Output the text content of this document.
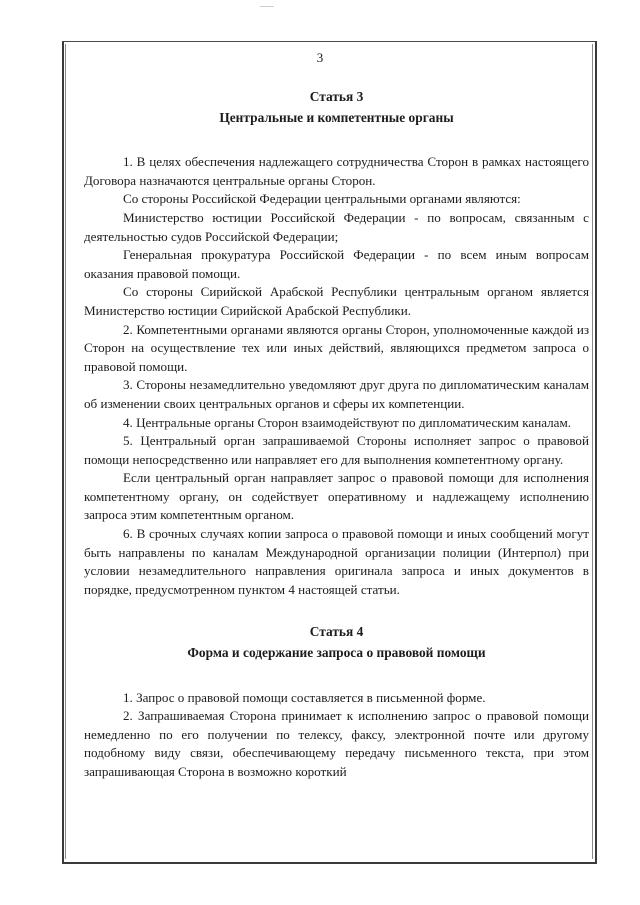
3

Статья 3

Центральные и компетентные органы

1. В целях обеспечения надлежащего сотрудничества Сторон в рамках настоящего Договора назначаются центральные органы Сторон.

Со стороны Российской Федерации центральными органами являются:

Министерство юстиции Российской Федерации - по вопросам, связанным с деятельностью судов Российской Федерации;

Генеральная прокуратура Российской Федерации - по всем иным вопросам оказания правовой помощи.

Со стороны Сирийской Арабской Республики центральным органом является Министерство юстиции Сирийской Арабской Республики.

2. Компетентными органами являются органы Сторон, уполномоченные каждой из Сторон на осуществление тех или иных действий, являющихся предметом запроса о правовой помощи.

3. Стороны незамедлительно уведомляют друг друга по дипломатическим каналам об изменении своих центральных органов и сферы их компетенции.

4. Центральные органы Сторон взаимодействуют по дипломатическим каналам.

5. Центральный орган запрашиваемой Стороны исполняет запрос о правовой помощи непосредственно или направляет его для выполнения компетентному органу.

Если центральный орган направляет запрос о правовой помощи для исполнения компетентному органу, он содействует оперативному и надлежащему исполнению запроса этим компетентным органом.

6. В срочных случаях копии запроса о правовой помощи и иных сообщений могут быть направлены по каналам Международной организации полиции (Интерпол) при условии незамедлительного направления оригинала запроса и иных документов в порядке, предусмотренном пунктом 4 настоящей статьи.

Статья 4

Форма и содержание запроса о правовой помощи

1. Запрос о правовой помощи составляется в письменной форме.

2. Запрашиваемая Сторона принимает к исполнению запрос о правовой помощи немедленно по его получении по телексу, факсу, электронной почте или другому подобному виду связи, обеспечивающему передачу письменного текста, при этом запрашивающая Сторона в возможно короткий
